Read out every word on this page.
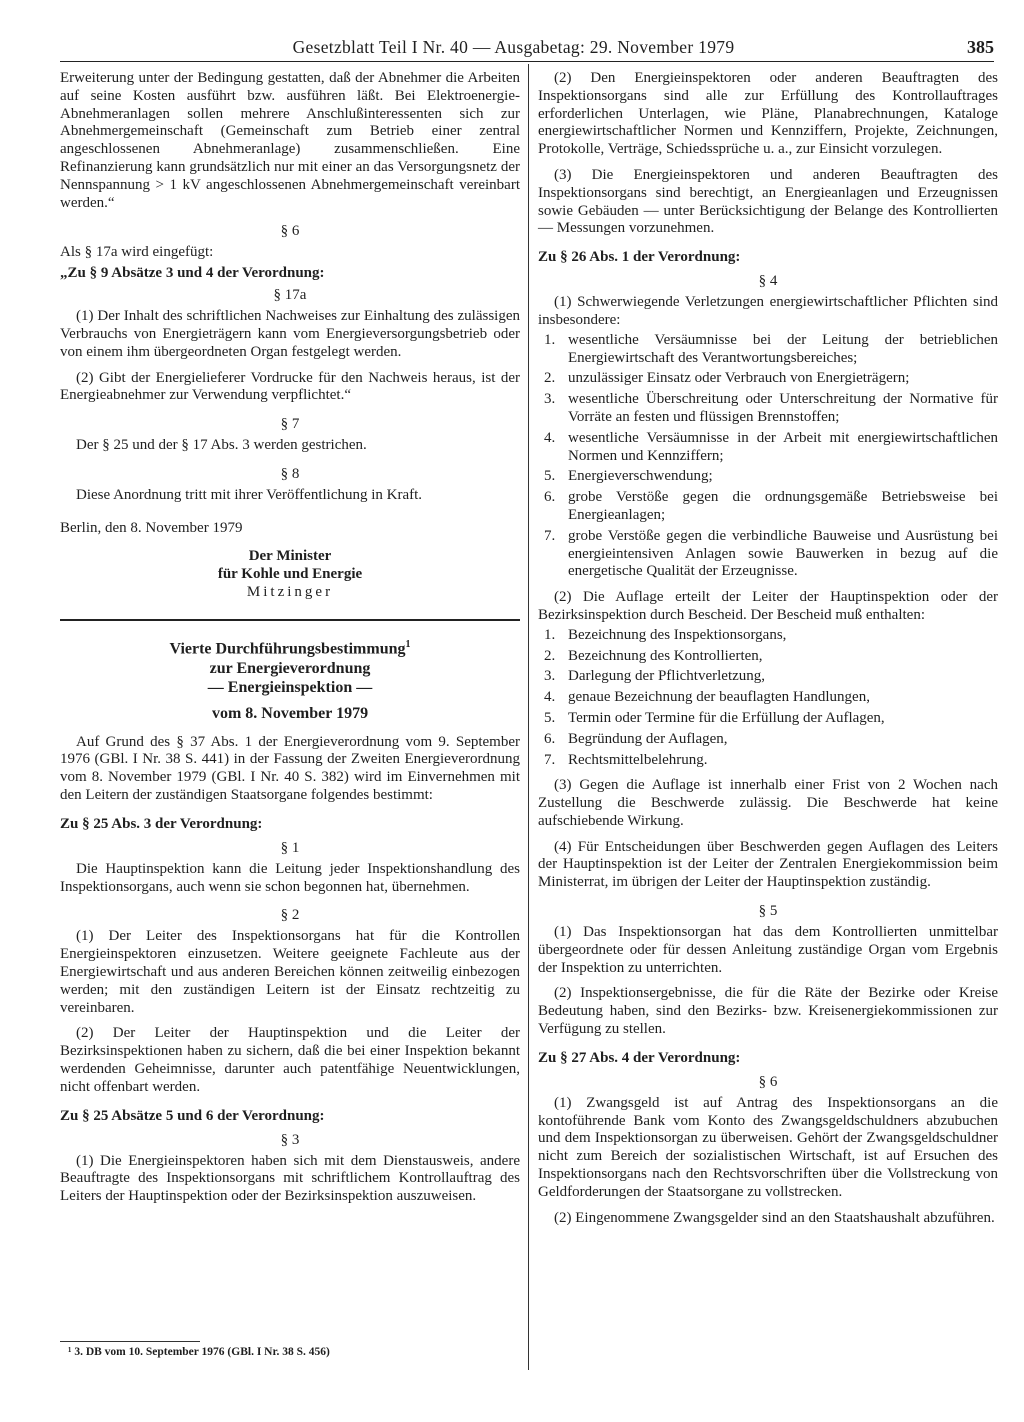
Gesetzblatt Teil I Nr. 40 — Ausgabetag: 29. November 1979	385

Erweiterung unter der Bedingung gestatten, daß der Abnehmer die Arbeiten auf seine Kosten ausführt bzw. ausführen läßt. Bei Elektroenergie-Abnehmeranlagen sollen mehrere Anschlußinteressenten sich zur Abnehmergemeinschaft (Gemeinschaft zum Betrieb einer zentral angeschlossenen Abnehmeranlage) zusammenschließen. Eine Refinanzierung kann grundsätzlich nur mit einer an das Versorgungsnetz der Nennspannung > 1 kV angeschlossenen Abnehmergemeinschaft vereinbart werden.“

§ 6

Als § 17a wird eingefügt:

„Zu § 9 Absätze 3 und 4 der Verordnung:
§ 17a

(1) Der Inhalt des schriftlichen Nachweises zur Einhaltung des zulässigen Verbrauchs von Energieträgern kann vom Energieversorgungsbetrieb oder von einem ihm übergeordneten Organ festgelegt werden.

(2) Gibt der Energielieferer Vordrucke für den Nachweis heraus, ist der Energieabnehmer zur Verwendung verpflichtet.“

§ 7

Der § 25 und der § 17 Abs. 3 werden gestrichen.

§ 8

Diese Anordnung tritt mit ihrer Veröffentlichung in Kraft.

Berlin, den 8. November 1979
Der Minister
für Kohle und Energie
Mitzinger
Vierte Durchführungsbestimmung$^1$
zur Energieverordnung
— Energieinspektion —
vom 8. November 1979

Auf Grund des § 37 Abs. 1 der Energieverordnung vom 9. September 1976 (GBl. I Nr. 38 S. 441) in der Fassung der Zweiten Energieverordnung vom 8. November 1979 (GBl. I Nr. 40 S. 382) wird im Einvernehmen mit den Leitern der zuständigen Staatsorgane folgendes bestimmt:

Zu § 25 Abs. 3 der Verordnung:
§ 1

Die Hauptinspektion kann die Leitung jeder Inspektionshandlung des Inspektionsorgans, auch wenn sie schon begonnen hat, übernehmen.

§ 2

(1) Der Leiter des Inspektionsorgans hat für die Kontrollen Energieinspektoren einzusetzen. Weitere geeignete Fachleute aus der Energiewirtschaft und aus anderen Bereichen können zeitweilig einbezogen werden; mit den zuständigen Leitern ist der Einsatz rechtzeitig zu vereinbaren.

(2) Der Leiter der Hauptinspektion und die Leiter der Bezirksinspektionen haben zu sichern, daß die bei einer Inspektion bekannt werdenden Geheimnisse, darunter auch patentfähige Neuentwicklungen, nicht offenbart werden.

Zu § 25 Absätze 5 und 6 der Verordnung:
§ 3

(1) Die Energieinspektoren haben sich mit dem Dienstausweis, andere Beauftragte des Inspektionsorgans mit schriftlichem Kontrollauftrag des Leiters der Hauptinspektion oder der Bezirksinspektion auszuweisen.

¹ 3. DB vom 10. September 1976 (GBl. I Nr. 38 S. 456)

(2) Den Energieinspektoren oder anderen Beauftragten des Inspektionsorgans sind alle zur Erfüllung des Kontrollauftrages erforderlichen Unterlagen, wie Pläne, Planabrechnungen, Kataloge energiewirtschaftlicher Normen und Kennziffern, Projekte, Zeichnungen, Protokolle, Verträge, Schiedssprüche u. a., zur Einsicht vorzulegen.

(3) Die Energieinspektoren und anderen Beauftragten des Inspektionsorgans sind berechtigt, an Energieanlagen und Erzeugnissen sowie Gebäuden — unter Berücksichtigung der Belange des Kontrollierten — Messungen vorzunehmen.

Zu § 26 Abs. 1 der Verordnung:
§ 4

(1) Schwerwiegende Verletzungen energiewirtschaftlicher Pflichten sind insbesondere:

1. wesentliche Versäumnisse bei der Leitung der betrieblichen Energiewirtschaft des Verantwortungsbereiches;
2. unzulässiger Einsatz oder Verbrauch von Energieträgern;
3. wesentliche Überschreitung oder Unterschreitung der Normative für Vorräte an festen und flüssigen Brennstoffen;
4. wesentliche Versäumnisse in der Arbeit mit energiewirtschaftlichen Normen und Kennziffern;
5. Energieverschwendung;
6. grobe Verstöße gegen die ordnungsgemäße Betriebsweise bei Energieanlagen;
7. grobe Verstöße gegen die verbindliche Bauweise und Ausrüstung bei energieintensiven Anlagen sowie Bauwerken in bezug auf die energetische Qualität der Erzeugnisse.

(2) Die Auflage erteilt der Leiter der Hauptinspektion oder der Bezirksinspektion durch Bescheid. Der Bescheid muß enthalten:

1. Bezeichnung des Inspektionsorgans,
2. Bezeichnung des Kontrollierten,
3. Darlegung der Pflichtverletzung,
4. genaue Bezeichnung der beauflagten Handlungen,
5. Termin oder Termine für die Erfüllung der Auflagen,
6. Begründung der Auflagen,
7. Rechtsmittelbelehrung.

(3) Gegen die Auflage ist innerhalb einer Frist von 2 Wochen nach Zustellung die Beschwerde zulässig. Die Beschwerde hat keine aufschiebende Wirkung.

(4) Für Entscheidungen über Beschwerden gegen Auflagen des Leiters der Hauptinspektion ist der Leiter der Zentralen Energiekommission beim Ministerrat, im übrigen der Leiter der Hauptinspektion zuständig.

§ 5

(1) Das Inspektionsorgan hat das dem Kontrollierten unmittelbar übergeordnete oder für dessen Anleitung zuständige Organ vom Ergebnis der Inspektion zu unterrichten.

(2) Inspektionsergebnisse, die für die Räte der Bezirke oder Kreise Bedeutung haben, sind den Bezirks- bzw. Kreisenergiekommissionen zur Verfügung zu stellen.

Zu § 27 Abs. 4 der Verordnung:
§ 6

(1) Zwangsgeld ist auf Antrag des Inspektionsorgans an die kontoführende Bank vom Konto des Zwangsgeldschuldners abzubuchen und dem Inspektionsorgan zu überweisen. Gehört der Zwangsgeldschuldner nicht zum Bereich der sozialistischen Wirtschaft, ist auf Ersuchen des Inspektionsorgans nach den Rechtsvorschriften über die Vollstreckung von Geldforderungen der Staatsorgane zu vollstrecken.

(2) Eingenommene Zwangsgelder sind an den Staatshaushalt abzuführen.
